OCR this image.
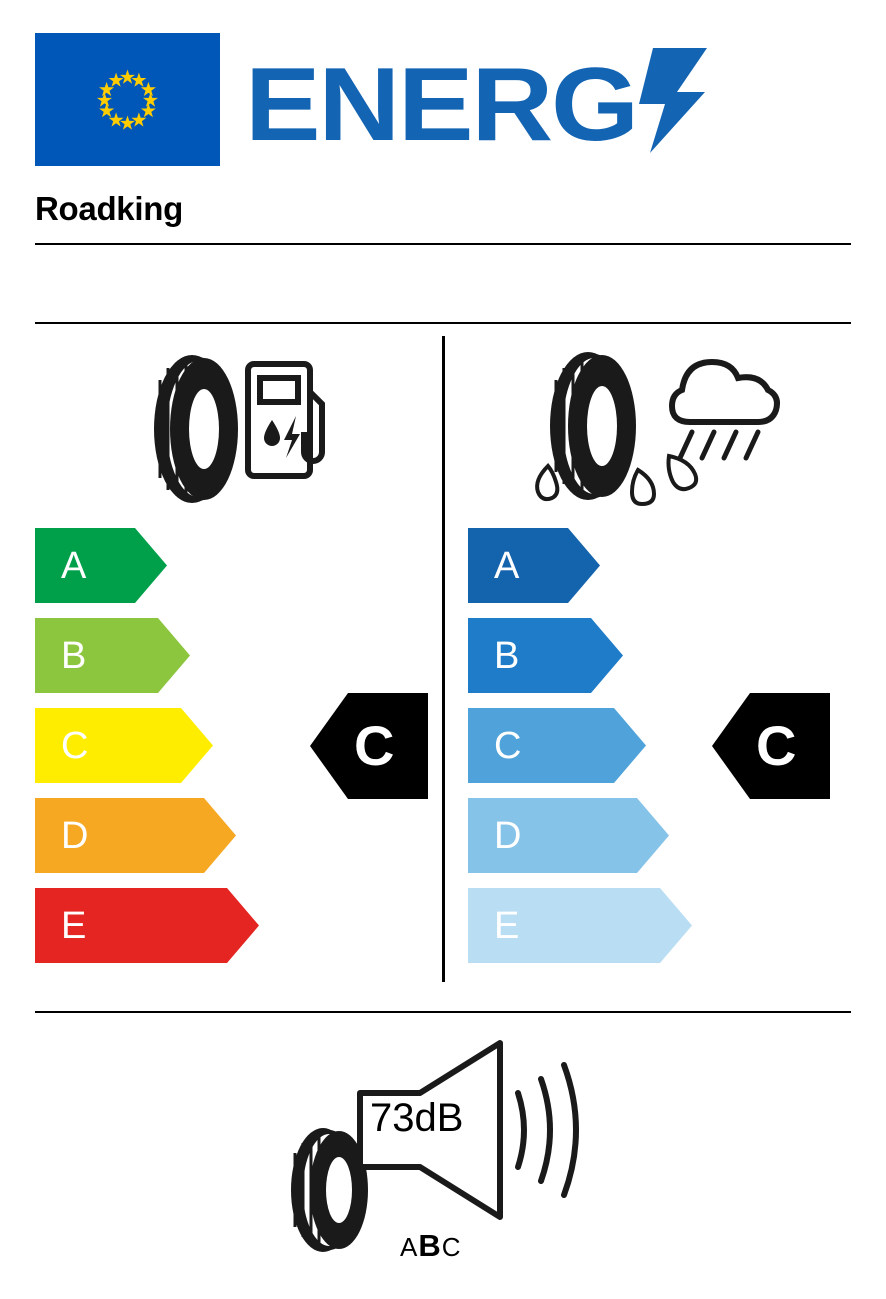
ENERG
Roadking
A
B
C
D
E
C
A
B
C
D
E
C
73dB
ABC
